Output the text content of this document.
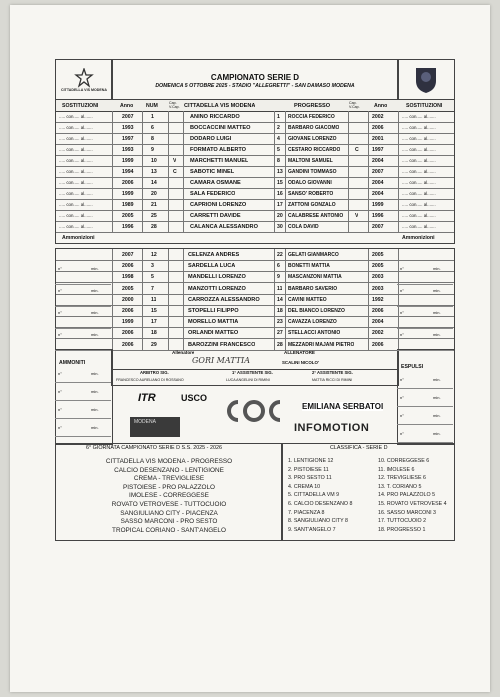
CITTADELLA VIS MODENA
CAMPIONATO SERIE D
DOMENICA 5 OTTOBRE 2025 - STADIO "ALLEGRETTI" - SAN DAMASO MODENA
SOSTITUZIONI	Anno NUM	Cap. V.Cap. CITTADELLA VIS MODENA	PROGRESSO	Cap. V.Cap.	Anno	SOSTITUZIONI
..... con..... al.......	2007	1	ANINO RICCARDO	1 ROCCIA FEDERICO	2002	..... con..... al.......
..... con..... al.......	1993	6	BOCCACCINI MATTEO	2 BARBARO GIACOMO	2006	..... con..... al.......
..... con..... al.......	1997	8	DODARO LUIGI	4 GIOVANE LORENZO	2001	..... con..... al.......
..... con..... al.......	1993	9	FORMATO ALBERTO	5 CESTARO RICCARDO	C	1997	..... con..... al.......
..... con..... al.......	1999	10	V MARCHETTI MANUEL	8 MALTONI SAMUEL	2004	..... con..... al.......
..... con..... al.......	1994	13	C SABOTIC MINEL	13 GANDINI TOMMASO	2007	..... con..... al.......
..... con..... al.......	2006	14	CAMARA OSMANE	15 ODALO GIOVANNI	2004	..... con..... al.......
..... con..... al.......	1999	20	SALA FEDERICO	16 SANSO' ROBERTO	2004	..... con..... al.......
..... con..... al.......	1989	21	CAPRIONI LORENZO	17 ZATTONI GONZALO	1999	..... con..... al.......
..... con..... al.......	2005	25	CARRETTI DAVIDE	20 CALABRESE ANTONIO V	1996	..... con..... al.......
..... con..... al.......	1996	28	CALANCA ALESSANDRO	30 COLA DAVID	2007	..... con..... al.......
Ammonizioni	Ammonizioni
2007	12	CELENZA ANDRES	22 GELATI GIANMARCO	2005
2006	3	SARDELLA LUCA	6 BONETTI MATTIA	2005
1998	5	MANDELLI LORENZO	9 MASCANZONI MATTIA	2003
2005	7	MANZOTTI LORENZO	11 BARBARO SAVERIO	2003
2000	11	CARROZZA ALESSANDRO	14 CAVINI MATTEO	1992
2006	15	STOPELLI FILIPPO	18 DEL BIANCO LORENZO	2006
1999	17	MORELLO MATTIA	23 CAVAZZA LORENZO	2004
2006	18	ORLANDI MATTEO	27 STELLACCI ANTONIO	2002
2006	29	BAROZZINI FRANCESCO	28 MEZZADRI MAJANI PIETRO	2006
Allenatore	ALLENATORE
GORI MATTIA	SCALINI NICOLO'
ARBITRO SIG.	1° ASSISTENTE SIG.	2° ASSISTENTE SIG.
FRANCESCO AURELIANO DI ROSSANO	LUCA ANGELINI DI RIMINI	MATTIA RICCI DI RIMINI
AMMONITI
ESPULSI
ITR	USCO
EMILIANA SERBATOI
INFOMOTION
MODENA
6° GIORNATA CAMPIONATO SERIE D S.S. 2025 - 2026
CITTADELLA VIS MODENA - PROGRESSO
CALCIO DESENZANO - LENTIGIONE
CREMA - TREVIGLIESE
PISTOIESE - PRO PALAZZOLO
IMOLESE - CORREGGESE
ROVATO VETROVESE - TUTTOCUOIO
SANGIULIANO CITY - PIACENZA
SASSO MARCONI - PRO SESTO
TROPICAL CORIANO - SANT'ANGELO
CLASSIFICA - SERIE D
1. LENTIGIONE 12
2. PISTOIESE 11
3. PRO SESTO 11
4. CREMA 10
5. CITTADELLA VM 9
6. CALCIO DESENZANO 8
7. PIACENZA 8
8. SANGIULIANO CITY 8
9. SANT'ANGELO 7
10. CORREGGESE 6
11. IMOLESE 6
12. TREVIGLIESE 6
13. T. CORIANO 5
14. PRO PALAZZOLO 5
15. ROVATO VETROVESE 4
16. SASSO MARCONI 3
17. TUTTOCUOIO 2
18. PROGRESSO 1
n°	min.
n°	min.
n°	min.
n°	min.
n°	min.
n°	min.
n°	min.
n°	min.
n°	min.
n°	min.
n°	min.
n°	min.
n°	min.
n°	min.
n°	min.
n°	min.
